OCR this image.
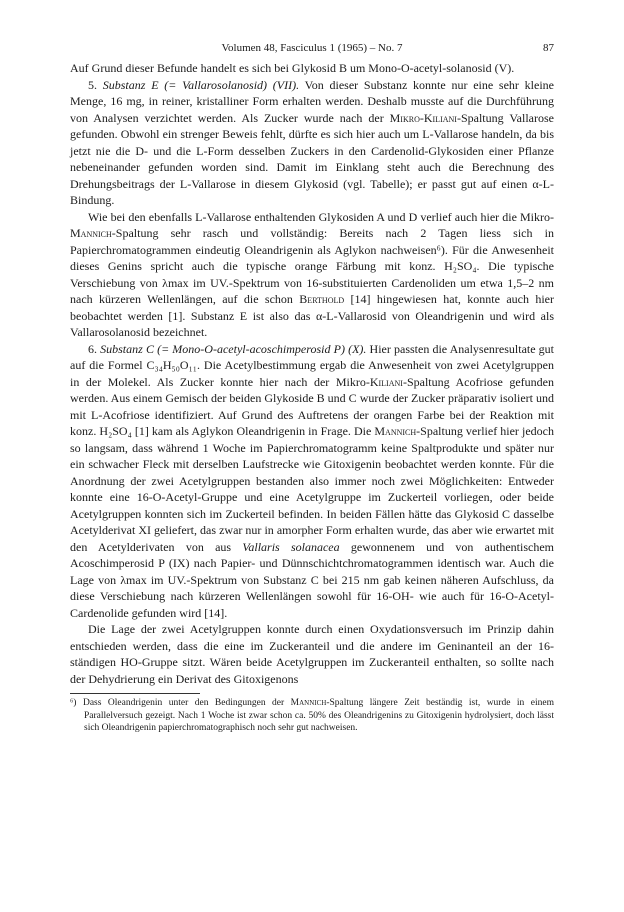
Volumen 48, Fasciculus 1 (1965) – No. 7	87

Auf Grund dieser Befunde handelt es sich bei Glykosid B um Mono-O-acetyl-solanosid (V).

5. Substanz E (= Vallarosolanosid) (VII). Von dieser Substanz konnte nur eine sehr kleine Menge, 16 mg, in reiner, kristalliner Form erhalten werden. Deshalb musste auf die Durchführung von Analysen verzichtet werden. Als Zucker wurde nach der Mikro-Kiliani-Spaltung Vallarose gefunden. Obwohl ein strenger Beweis fehlt, dürfte es sich hier auch um L-Vallarose handeln, da bis jetzt nie die D- und die L-Form desselben Zuckers in den Cardenolid-Glykosiden einer Pflanze nebeneinander gefunden worden sind. Damit im Einklang steht auch die Berechnung des Drehungsbeitrags der L-Vallarose in diesem Glykosid (vgl. Tabelle); er passt gut auf einen α-L-Bindung.

Wie bei den ebenfalls L-Vallarose enthaltenden Glykosiden A und D verlief auch hier die Mikro-Mannich-Spaltung sehr rasch und vollständig: Bereits nach 2 Tagen liess sich in Papierchromatogrammen eindeutig Oleandrigenin als Aglykon nachweisen⁶). Für die Anwesenheit dieses Genins spricht auch die typische orange Färbung mit konz. H₂SO₄. Die typische Verschiebung von λmax im UV.-Spektrum von 16-substituierten Cardenoliden um etwa 1,5–2 nm nach kürzeren Wellenlängen, auf die schon Berthold [14] hingewiesen hat, konnte auch hier beobachtet werden [1]. Substanz E ist also das α-L-Vallarosid von Oleandrigenin und wird als Vallarosolanosid bezeichnet.

6. Substanz C (= Mono-O-acetyl-acoschimperosid P) (X). Hier passten die Analysenresultate gut auf die Formel C₃₄H₅₀O₁₁. Die Acetylbestimmung ergab die Anwesenheit von zwei Acetylgruppen in der Molekel. Als Zucker konnte hier nach der Mikro-Kiliani-Spaltung Acofriose gefunden werden. Aus einem Gemisch der beiden Glykoside B und C wurde der Zucker präparativ isoliert und mit L-Acofriose identifiziert. Auf Grund des Auftretens der orangen Farbe bei der Reaktion mit konz. H₂SO₄ [1] kam als Aglykon Oleandrigenin in Frage. Die Mannich-Spaltung verlief hier jedoch so langsam, dass während 1 Woche im Papierchromatogramm keine Spaltprodukte und später nur ein schwacher Fleck mit derselben Laufstrecke wie Gitoxigenin beobachtet werden konnte. Für die Anordnung der zwei Acetylgruppen bestanden also immer noch zwei Möglichkeiten: Entweder konnte eine 16-O-Acetyl-Gruppe und eine Acetylgruppe im Zuckerteil vorliegen, oder beide Acetylgruppen konnten sich im Zuckerteil befinden. In beiden Fällen hätte das Glykosid C dasselbe Acetylderivat XI geliefert, das zwar nur in amorpher Form erhalten wurde, das aber wie erwartet mit den Acetylderivaten von aus Vallaris solanacea gewonnenem und von authentischem Acoschimperosid P (IX) nach Papier- und Dünnschichtchromatogrammen identisch war. Auch die Lage von λmax im UV.-Spektrum von Substanz C bei 215 nm gab keinen näheren Aufschluss, da diese Verschiebung nach kürzeren Wellenlängen sowohl für 16-OH- wie auch für 16-O-Acetyl-Cardenolide gefunden wird [14].

Die Lage der zwei Acetylgruppen konnte durch einen Oxydationsversuch im Prinzip dahin entschieden werden, dass die eine im Zuckeranteil und die andere im Geninanteil an der 16-ständigen HO-Gruppe sitzt. Wären beide Acetylgruppen im Zuckeranteil enthalten, so sollte nach der Dehydrierung ein Derivat des Gitoxigenons

⁶) Dass Oleandrigenin unter den Bedingungen der Mannich-Spaltung längere Zeit beständig ist, wurde in einem Parallelversuch gezeigt. Nach 1 Woche ist zwar schon ca. 50% des Oleandrigenins zu Gitoxigenin hydrolysiert, doch lässt sich Oleandrigenin papierchromatographisch noch sehr gut nachweisen.
